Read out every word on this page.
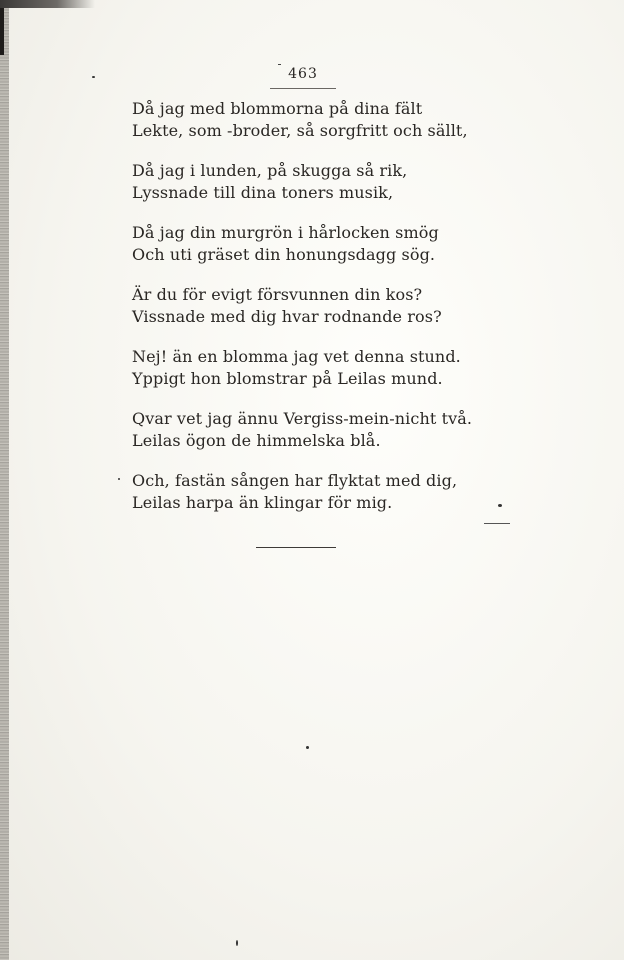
463
Då jag med blommorna på dina fält
Lekte, som -broder, så sorgfritt och sällt,
Då jag i lunden, på skugga så rik,
Lyssnade till dina toners musik,
Då jag din murgrön i hårlocken smög
Och uti gräset din honungsdagg sög.
Är du för evigt försvunnen din kos?
Vissnade med dig hvar rodnande ros?
Nej! än en blomma jag vet denna stund.
Yppigt hon blomstrar på Leilas mund.
Qvar vet jag ännu Vergiss-mein-nicht två.
Leilas ögon de himmelska blå.
Och, fastän sången har flyktat med dig,
Leilas harpa än klingar för mig.
